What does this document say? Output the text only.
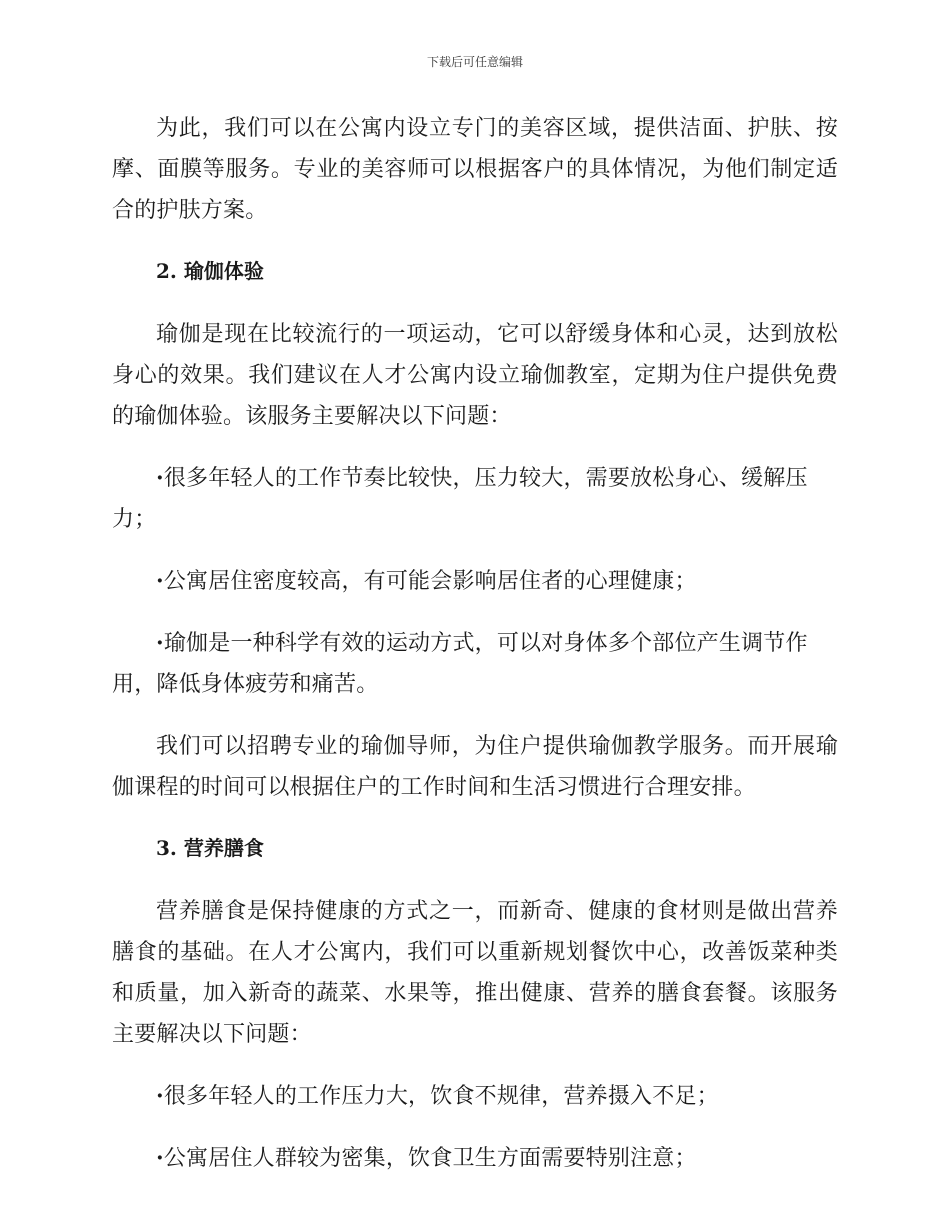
下载后可任意编辑

为此，我们可以在公寓内设立专门的美容区域，提供洁面、护肤、按摩、面膜等服务。专业的美容师可以根据客户的具体情况，为他们制定适合的护肤方案。

2. 瑜伽体验

瑜伽是现在比较流行的一项运动，它可以舒缓身体和心灵，达到放松身心的效果。我们建议在人才公寓内设立瑜伽教室，定期为住户提供免费的瑜伽体验。该服务主要解决以下问题：

·很多年轻人的工作节奏比较快，压力较大，需要放松身心、缓解压力；

·公寓居住密度较高，有可能会影响居住者的心理健康；

·瑜伽是一种科学有效的运动方式，可以对身体多个部位产生调节作用，降低身体疲劳和痛苦。

我们可以招聘专业的瑜伽导师，为住户提供瑜伽教学服务。而开展瑜伽课程的时间可以根据住户的工作时间和生活习惯进行合理安排。

3. 营养膳食

营养膳食是保持健康的方式之一，而新奇、健康的食材则是做出营养膳食的基础。在人才公寓内，我们可以重新规划餐饮中心，改善饭菜种类和质量，加入新奇的蔬菜、水果等，推出健康、营养的膳食套餐。该服务主要解决以下问题：

·很多年轻人的工作压力大，饮食不规律，营养摄入不足；

·公寓居住人群较为密集，饮食卫生方面需要特别注意；
